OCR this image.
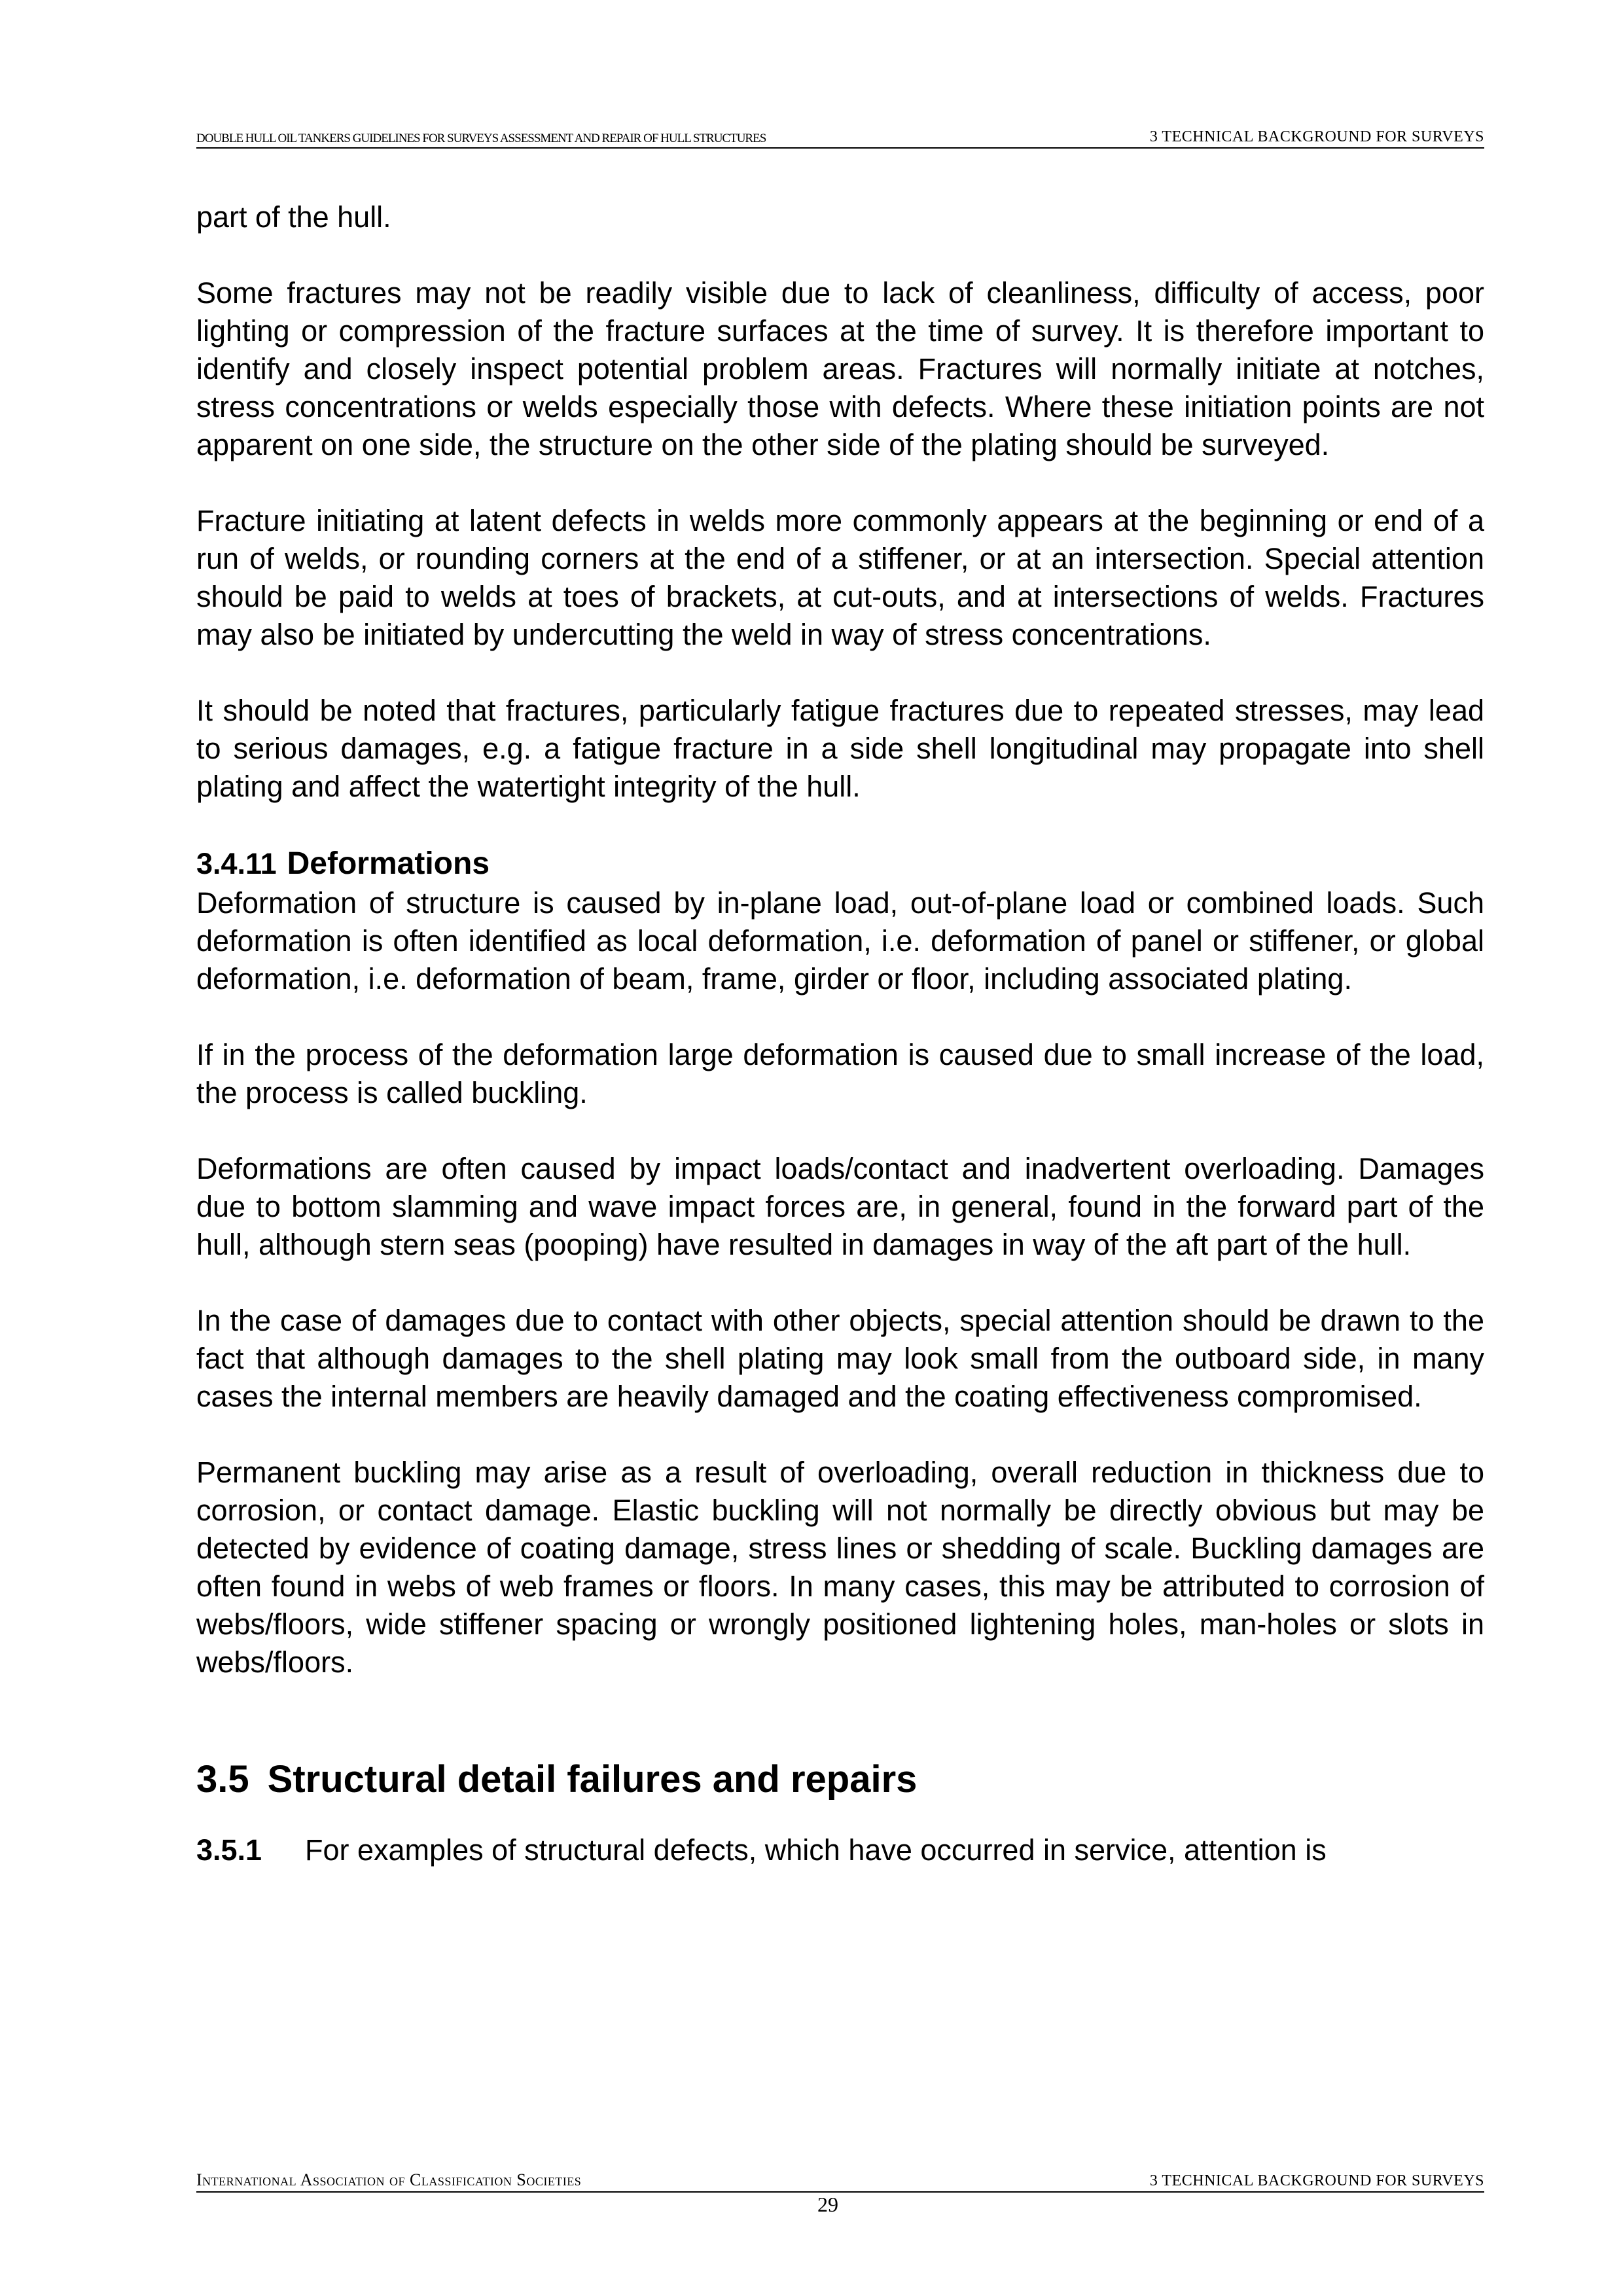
DOUBLE HULL OIL TANKERS GUIDELINES FOR SURVEYS ASSESSMENT AND REPAIR OF HULL STRUCTURES	3 TECHNICAL BACKGROUND FOR SURVEYS

part of the hull.

Some fractures may not be readily visible due to lack of cleanliness, difficulty of access, poor lighting or compression of the fracture surfaces at the time of survey. It is therefore important to identify and closely inspect potential problem areas. Fractures will normally initiate at notches, stress concentrations or welds especially those with defects. Where these initiation points are not apparent on one side, the structure on the other side of the plating should be surveyed.

Fracture initiating at latent defects in welds more commonly appears at the beginning or end of a run of welds, or rounding corners at the end of a stiffener, or at an intersection. Special attention should be paid to welds at toes of brackets, at cut-outs, and at intersections of welds. Fractures may also be initiated by undercutting the weld in way of stress concentrations.

It should be noted that fractures, particularly fatigue fractures due to repeated stresses, may lead to serious damages, e.g. a fatigue fracture in a side shell longitudinal may propagate into shell plating and affect the watertight integrity of the hull.

3.4.11 Deformations

Deformation of structure is caused by in-plane load, out-of-plane load or combined loads. Such deformation is often identified as local deformation, i.e. deformation of panel or stiffener, or global deformation, i.e. deformation of beam, frame, girder or floor, including associated plating.

If in the process of the deformation large deformation is caused due to small increase of the load, the process is called buckling.

Deformations are often caused by impact loads/contact and inadvertent overloading. Damages due to bottom slamming and wave impact forces are, in general, found in the forward part of the hull, although stern seas (pooping) have resulted in damages in way of the aft part of the hull.

In the case of damages due to contact with other objects, special attention should be drawn to the fact that although damages to the shell plating may look small from the outboard side, in many cases the internal members are heavily damaged and the coating effectiveness compromised.

Permanent buckling may arise as a result of overloading, overall reduction in thickness due to corrosion, or contact damage. Elastic buckling will not normally be directly obvious but may be detected by evidence of coating damage, stress lines or shedding of scale. Buckling damages are often found in webs of web frames or floors. In many cases, this may be attributed to corrosion of webs/floors, wide stiffener spacing or wrongly positioned lightening holes, man-holes or slots in webs/floors.

3.5 Structural detail failures and repairs
3.5.1	For examples of structural defects, which have occurred in service, attention is
International Association of Classification Societies	3 TECHNICAL BACKGROUND FOR SURVEYS
29
